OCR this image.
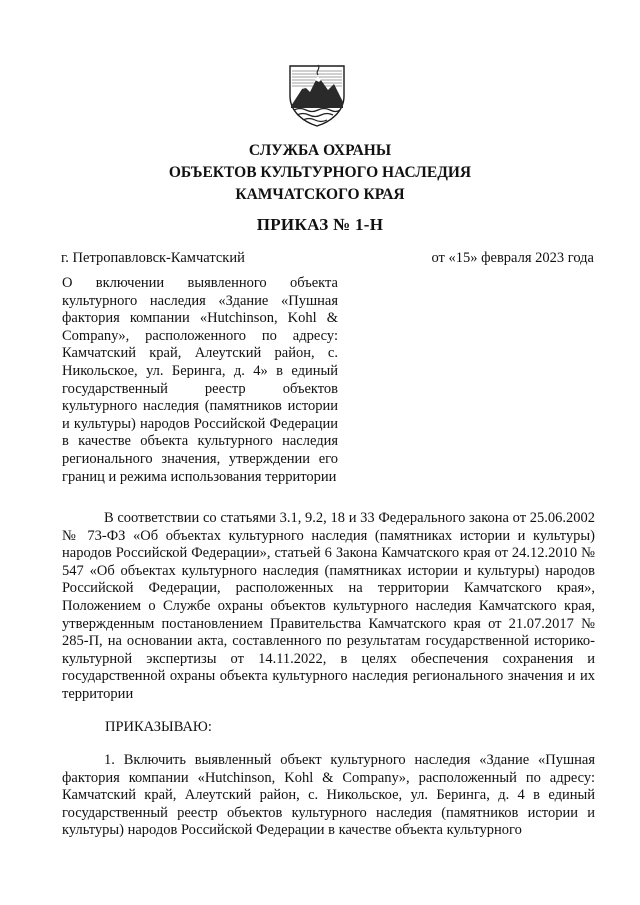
СЛУЖБА ОХРАНЫ
ОБЪЕКТОВ КУЛЬТУРНОГО НАСЛЕДИЯ
КАМЧАТСКОГО КРАЯ
ПРИКАЗ № 1-Н
г. Петропавловск-Камчатский	от «15» февраля 2023 года
О включении выявленного объекта культурного наследия «Здание «Пушная фактория компании «Hutchinson, Kohl & Company», расположенного по адресу: Камчатский край, Алеутский район, с. Никольское, ул. Беринга, д. 4» в единый государственный реестр объектов культурного наследия (памятников истории и культуры) народов Российской Федерации в качестве объекта культурного наследия регионального значения, утверждении его границ и режима использования территории
В соответствии со статьями 3.1, 9.2, 18 и 33 Федерального закона от 25.06.2002 № 73-ФЗ «Об объектах культурного наследия (памятниках истории и культуры) народов Российской Федерации», статьей 6 Закона Камчатского края от 24.12.2010 № 547 «Об объектах культурного наследия (памятниках истории и культуры) народов Российской Федерации, расположенных на территории Камчатского края», Положением о Службе охраны объектов культурного наследия Камчатского края, утвержденным постановлением Правительства Камчатского края от 21.07.2017 № 285-П, на основании акта, составленного по результатам государственной историко-культурной экспертизы от 14.11.2022, в целях обеспечения сохранения и государственной охраны объекта культурного наследия регионального значения и их территории
ПРИКАЗЫВАЮ:
1. Включить выявленный объект культурного наследия «Здание «Пушная фактория компании «Hutchinson, Kohl & Company», расположенный по адресу: Камчатский край, Алеутский район, с. Никольское, ул. Беринга, д. 4 в единый государственный реестр объектов культурного наследия (памятников истории и культуры) народов Российской Федерации в качестве объекта культурного
